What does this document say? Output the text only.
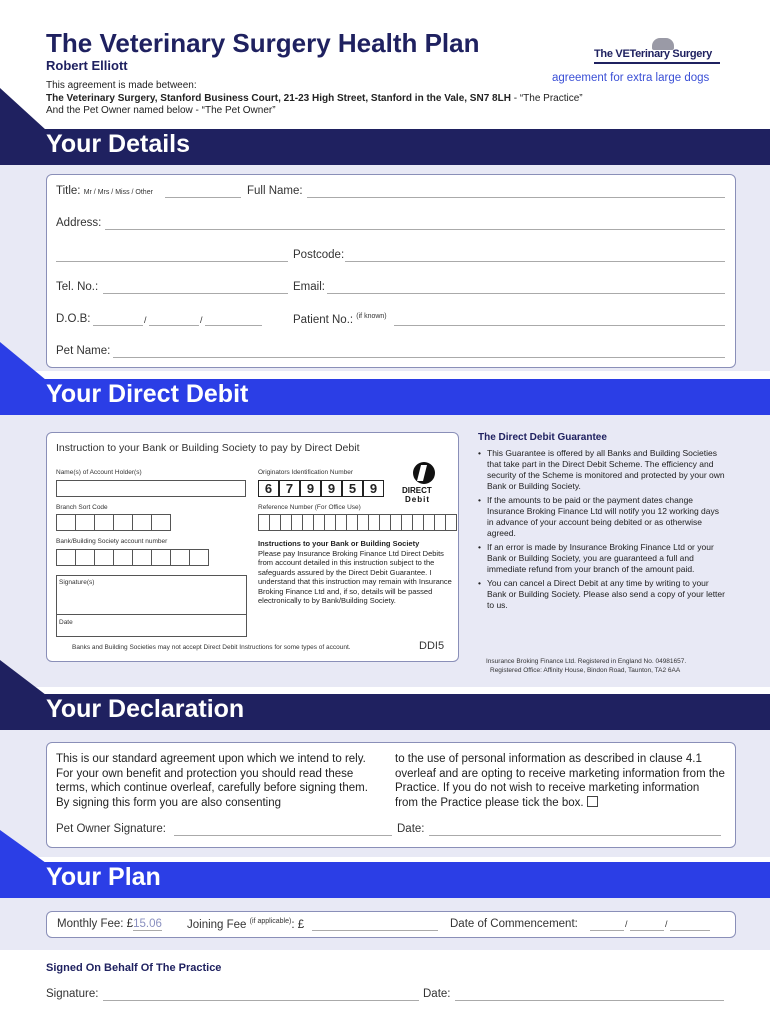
The Veterinary Surgery Health Plan
Robert Elliott
The VETerinary Surgery
agreement for extra large dogs
This agreement is made between:
The Veterinary Surgery, Stanford Business Court, 21-23 High Street, Stanford in the Vale, SN7 8LH - “The Practice”
And the Pet Owner named below - “The Pet Owner”
Your Details
Title: Mr / Mrs / Miss / Other	Full Name:
Address:
Postcode:
Tel. No.:	Email:
D.O.B:	/	/	Patient No.: $^{(if known)}$
Pet Name:
Your Direct Debit
Instruction to your Bank or Building Society to pay by Direct Debit
Name(s) of Account Holder(s)	Originators Identification Number
6	7	9	9	5	9	DIRECT
Debit
Branch Sort Code	Reference Number (For Office Use)
Bank/Building Society account number	Instructions to your Bank or Building Society
Please pay Insurance Broking Finance Ltd Direct Debits from account detailed in this instruction subject to the safeguards assured by the Direct Debit Guarantee. I understand that this instruction may remain with Insurance Broking Finance Ltd and, if so, details will be passed electronically to by Bank/Building Society.
Signature(s)
Date
Banks and Building Societies may not accept Direct Debit Instructions for some types of account.	DDI5
The Direct Debit Guarantee
• This Guarantee is offered by all Banks and Building Societies that take part in the Direct Debit Scheme. The efficiency and security of the Scheme is monitored and protected by your own Bank or Building Society.
• If the amounts to be paid or the payment dates change Insurance Broking Finance Ltd will notify you 12 working days in advance of your account being debited or as otherwise agreed.
• If an error is made by Insurance Broking Finance Ltd or your Bank or Building Society, you are guaranteed a full and immediate refund from your branch of the amount paid.
• You can cancel a Direct Debit at any time by writing to your Bank or Building Society. Please also send a copy of your letter to us.
Insurance Broking Finance Ltd. Registered in England No. 04981657.
Registered Office: Affinity House, Bindon Road, Taunton, TA2 6AA
Your Declaration
This is our standard agreement upon which we intend to rely. For your own benefit and protection you should read these terms, which continue overleaf, carefully before signing them. By signing this form you are also consenting
to the use of personal information as described in clause 4.1 overleaf and are opting to receive marketing information from the Practice. If you do not wish to receive marketing information from the Practice please tick the box.
Pet Owner Signature:	Date:
Your Plan
Monthly Fee: £15.06 Joining Fee $^{(if applicable)}$: £	Date of Commencement:	/	/
Signed On Behalf Of The Practice
Signature:	Date:
